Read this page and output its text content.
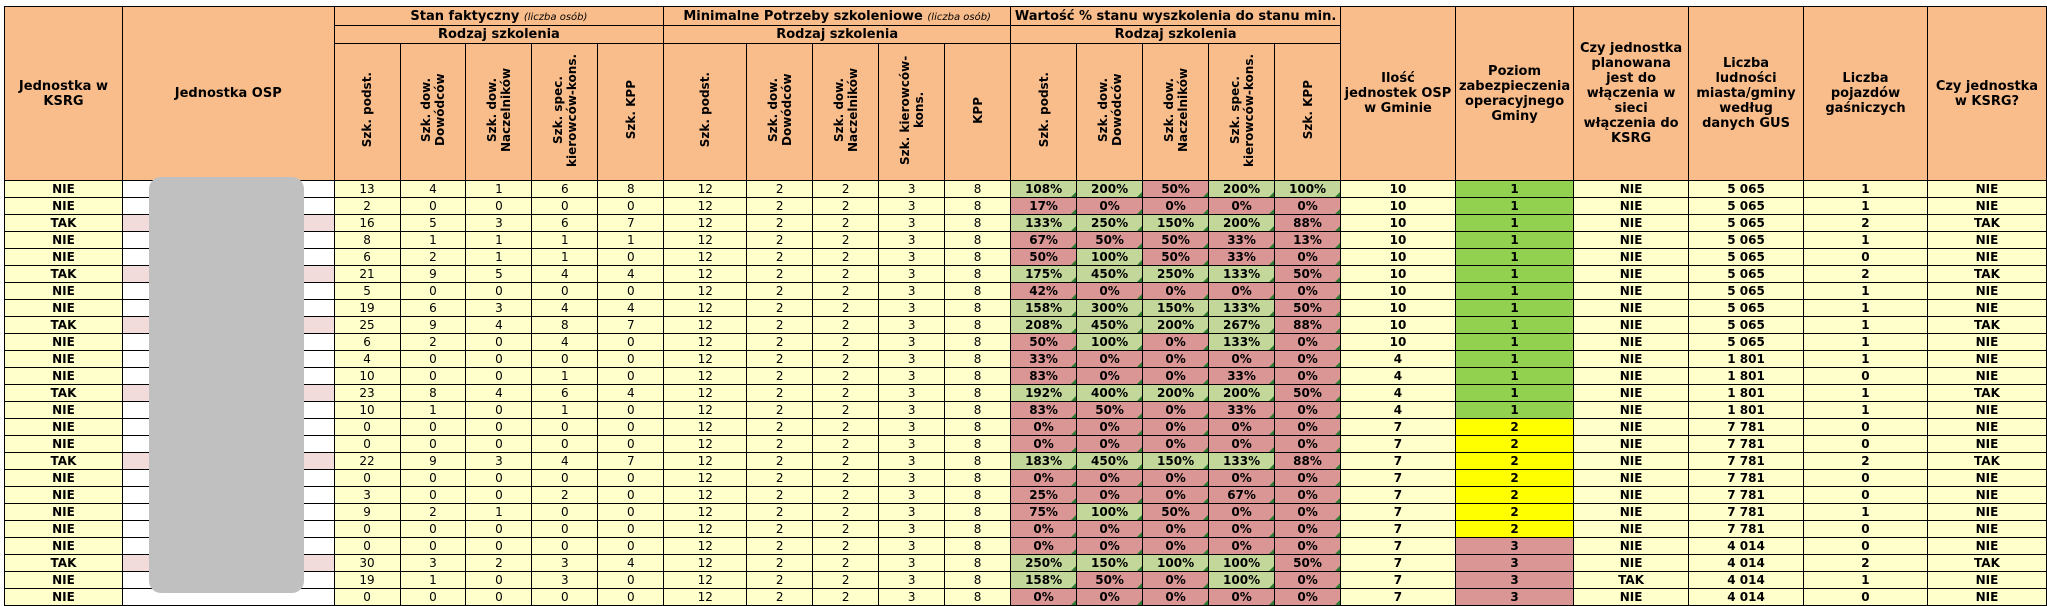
Jednostka w KSRG	Jednostka OSP	Stan faktyczny (liczba osób)					Minimalne Potrzeby szkoleniowe (liczba osób)					Wartość % stanu wyszkolenia do stanu min.					Ilość jednostek OSP w Gminie	Poziom zabezpieczenia operacyjnego Gminy	Czy jednostka planowana jest do włączenia w sieci włączenia do KSRG	Liczba ludności miasta/gminy według danych GUS	Liczba pojazdów gaśniczych	Czy jednostka w KSRG?
		Rodzaj szkolenia					Rodzaj szkolenia					Rodzaj szkolenia										
		Szk. podst.	Szk. dow. Dowódców	Szk. dow. Naczelników	Szk. spec. kierowców-kons.	Szk. KPP	Szk. podst.	Szk. dow. Dowódców	Szk. dow. Naczelników	Szk. kierowców-kons.	KPP	Szk. podst.	Szk. dow. Dowódców	Szk. dow. Naczelników	Szk. spec. kierowców-kons.	Szk. KPP						
NIE		13	4	1	6	8	12	2	2	3	8	108%	200%	50%	200%	100%	10	1	NIE	5 065	1	NIE
NIE		2	0	0	0	0	12	2	2	3	8	17%	0%	0%	0%	0%	10	1	NIE	5 065	1	NIE
TAK		16	5	3	6	7	12	2	2	3	8	133%	250%	150%	200%	88%	10	1	NIE	5 065	2	TAK
NIE		8	1	1	1	1	12	2	2	3	8	67%	50%	50%	33%	13%	10	1	NIE	5 065	1	NIE
NIE		6	2	1	1	0	12	2	2	3	8	50%	100%	50%	33%	0%	10	1	NIE	5 065	0	NIE
TAK		21	9	5	4	4	12	2	2	3	8	175%	450%	250%	133%	50%	10	1	NIE	5 065	2	TAK
NIE		5	0	0	0	0	12	2	2	3	8	42%	0%	0%	0%	0%	10	1	NIE	5 065	1	NIE
NIE		19	6	3	4	4	12	2	2	3	8	158%	300%	150%	133%	50%	10	1	NIE	5 065	1	NIE
TAK		25	9	4	8	7	12	2	2	3	8	208%	450%	200%	267%	88%	10	1	NIE	5 065	1	TAK
NIE		6	2	0	4	0	12	2	2	3	8	50%	100%	0%	133%	0%	10	1	NIE	5 065	1	NIE
NIE		4	0	0	0	0	12	2	2	3	8	33%	0%	0%	0%	0%	4	1	NIE	1 801	1	NIE
NIE		10	0	0	1	0	12	2	2	3	8	83%	0%	0%	33%	0%	4	1	NIE	1 801	0	NIE
TAK		23	8	4	6	4	12	2	2	3	8	192%	400%	200%	200%	50%	4	1	NIE	1 801	1	TAK
NIE		10	1	0	1	0	12	2	2	3	8	83%	50%	0%	33%	0%	4	1	NIE	1 801	1	NIE
NIE		0	0	0	0	0	12	2	2	3	8	0%	0%	0%	0%	0%	7	2	NIE	7 781	0	NIE
NIE		0	0	0	0	0	12	2	2	3	8	0%	0%	0%	0%	0%	7	2	NIE	7 781	0	NIE
TAK		22	9	3	4	7	12	2	2	3	8	183%	450%	150%	133%	88%	7	2	NIE	7 781	2	TAK
NIE		0	0	0	0	0	12	2	2	3	8	0%	0%	0%	0%	0%	7	2	NIE	7 781	0	NIE
NIE		3	0	0	2	0	12	2	2	3	8	25%	0%	0%	67%	0%	7	2	NIE	7 781	0	NIE
NIE		9	2	1	0	0	12	2	2	3	8	75%	100%	50%	0%	0%	7	2	NIE	7 781	1	NIE
NIE		0	0	0	0	0	12	2	2	3	8	0%	0%	0%	0%	0%	7	2	NIE	7 781	0	NIE
NIE		0	0	0	0	0	12	2	2	3	8	0%	0%	0%	0%	0%	7	3	NIE	4 014	0	NIE
TAK		30	3	2	3	4	12	2	2	3	8	250%	150%	100%	100%	50%	7	3	NIE	4 014	2	TAK
NIE		19	1	0	3	0	12	2	2	3	8	158%	50%	0%	100%	0%	7	3	TAK	4 014	1	NIE
NIE		0	0	0	0	0	12	2	2	3	8	0%	0%	0%	0%	0%	7	3	NIE	4 014	0	NIE
